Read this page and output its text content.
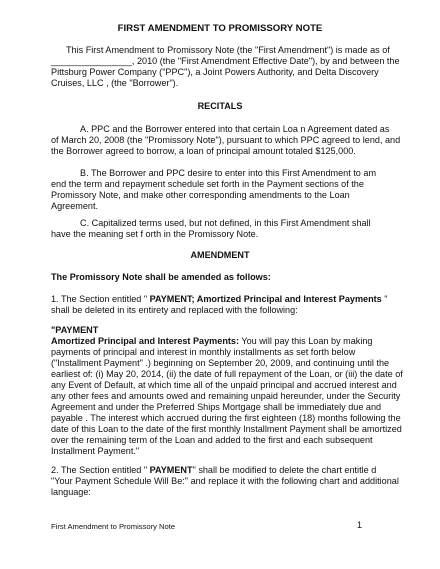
FIRST AMENDMENT TO PROMISSORY NOTE
This First Amendment to Promissory Note (the "First Amendment") is made as of
________________, 2010 (the "First Amendment Effective Date"), by and between the
Pittsburg Power Company ("PPC"), a Joint Powers Authority, and Delta Discovery
Cruises, LLC , (the "Borrower").
RECITALS
A. PPC and the Borrower entered into that certain Loa n Agreement dated as
of March 20, 2008 (the "Promissory Note"), pursuant to which PPC agreed to lend, and
the Borrower agreed to borrow, a loan of principal amount totaled $125,000.
B. The Borrower and PPC desire to enter into this First Amendment to am
end the term and repayment schedule set forth in the Payment sections of the
Promissory Note, and make other corresponding amendments to the Loan
Agreement.
C. Capitalized terms used, but not defined, in this First Amendment shall
have the meaning set f orth in the Promissory Note.
AMENDMENT
The Promissory Note shall be amended as follows:
1. The Section entitled " PAYMENT; Amortized Principal and Interest Payments "
shall be deleted in its entirety and replaced with the following:
"PAYMENT
Amortized Principal and Interest Payments: You will pay this Loan by making
payments of principal and interest in monthly installments as set forth below
("Installment Payment" .) beginning on September 20, 2009, and continuing until the
earliest of: (i) May 20, 2014, (ii) the date of full repayment of the Loan, or (iii) the date of
any Event of Default, at which time all of the unpaid principal and accrued interest and
any other fees and amounts owed and remaining unpaid hereunder, under the Security
Agreement and under the Preferred Ships Mortgage shall be immediately due and
payable . The interest which accrued during the first eighteen (18) months following the
date of this Loan to the date of the first monthly Installment Payment shall be amortized
over the remaining term of the Loan and added to the first and each subsequent
Installment Payment."
2. The Section entitled " PAYMENT" shall be modified to delete the chart entitle d
"Your Payment Schedule Will Be:" and replace it with the following chart and additional
language:
First Amendment to Promissory Note	1
